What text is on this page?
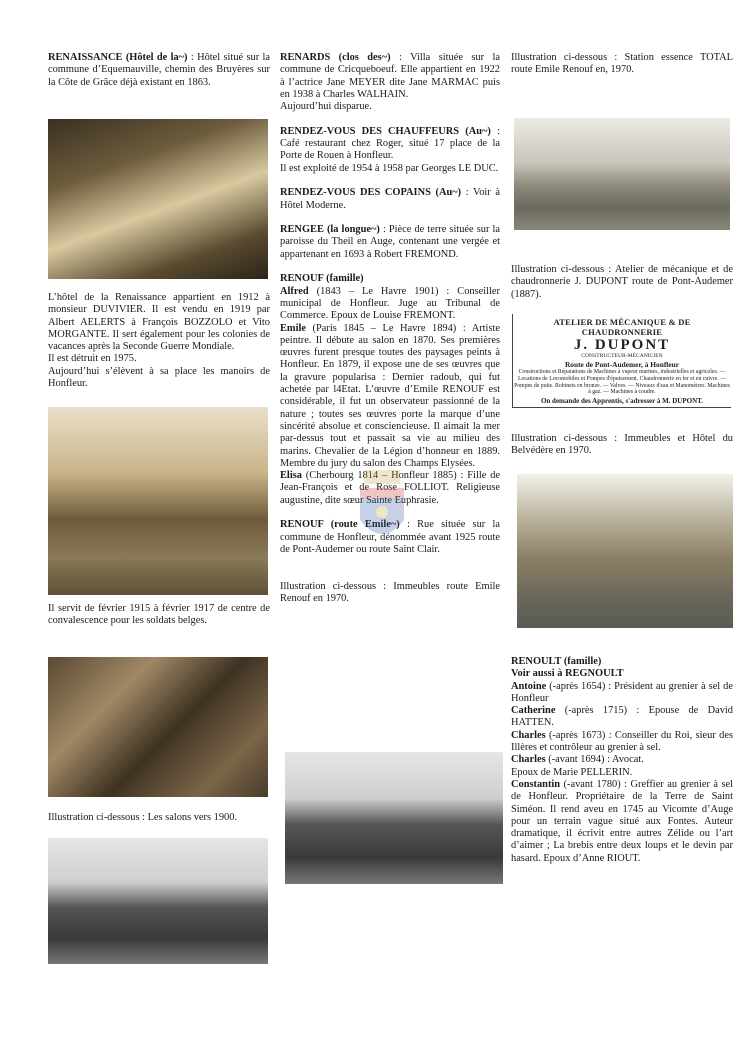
RENAISSANCE (Hôtel de la~) : Hôtel situé sur la commune d’Equemauville, chemin des Bruyères sur la Côte de Grâce déjà existant en 1863.

L’hôtel de la Renaissance appartient en 1912 à monsieur DUVIVIER. Il est vendu en 1919 par Albert AELERTS à François BOZZOLO et Vito MORGANTE. Il sert également pour les colonies de vacances après la Seconde Guerre Mondiale.

Il est détruit en 1975.

Aujourd’hui s’élèvent à sa place les manoirs de Honfleur.

Il servit de février 1915 à février 1917 de centre de convalescence pour les soldats belges.

Illustration ci-dessous : Les salons vers 1900.

RENARDS (clos des~) : Villa située sur la commune de Cricqueboeuf. Elle appartient en 1922 à l’actrice Jane MEYER dite Jane MARMAC puis en 1938 à Charles WALHAIN.

Aujourd’hui disparue.

RENDEZ-VOUS DES CHAUFFEURS (Au~) : Café restaurant chez Roger, situé 17 place de la Porte de Rouen à Honfleur.

Il est exploité de 1954 à 1958 par Georges LE DUC.

RENDEZ-VOUS DES COPAINS (Au~) : Voir à Hôtel Moderne.

RENGEE (la longue~) : Pièce de terre située sur la paroisse du Theil en Auge, contenant une vergée et appartenant en 1693 à Robert FREMOND.

RENOUF (famille)

Alfred (1843 – Le Havre 1901) : Conseiller municipal de Honfleur. Juge au Tribunal de Commerce. Epoux de Louise FREMONT.

Emile (Paris 1845 – Le Havre 1894) : Artiste peintre. Il débute au salon en 1870. Ses premières œuvres furent presque toutes des paysages peints à Honfleur. En 1879, il expose une de ses œuvres que la gravure popularisa : Dernier radoub, qui fut achetée par l4Etat. L’œuvre d’Emile RENOUF est considérable, il fut un observateur passionné de la nature ; toutes ses œuvres porte la marque d’une sincérité absolue et consciencieuse. Il aimait la mer par-dessus tout et passait sa vie au milieu des marins. Chevalier de la Légion d’honneur en 1889. Membre du jury du salon des Champs Elysées.

Elisa (Cherbourg 1814 – Honfleur 1885) : Fille de Jean-François et de Rose FOLLIOT. Religieuse augustine, dite sœur Sainte Euphrasie.

RENOUF (route Emile~) : Rue située sur la commune de Honfleur, dénommée avant 1925 route de Pont-Audemer ou route Saint Clair.

Illustration ci-dessous : Immeubles route Emile Renouf en 1970.

Illustration ci-dessous : Station essence TOTAL route Emile Renouf en, 1970.

Illustration ci-dessous : Atelier de mécanique et de chaudronnerie J. DUPONT route de Pont-Audemer (1887).

ATELIER DE MÉCANIQUE & DE CHAUDRONNERIE
J. DUPONT
CONSTRUCTEUR-MÉCANICIEN
Route de Pont-Audemer, à Honfleur
Constructions et Réparations de Machines à vapeur marines, industrielles et agricoles. — Locations de Locomobiles et Pompes d'épuisement. Chaudronnerie en fer et en cuivre. — Pompes de puits. Robinets en bronze. — Valves. — Niveaux d'eau et Manomètres. Machines à gaz. — Machines à coudre.
On demande des Apprentis, s'adresser à M. DUPONT.

Illustration ci-dessous : Immeubles et Hôtel du Belvédère en 1970.

RENOULT (famille)

Voir aussi à REGNOULT

Antoine (-après 1654) : Président au grenier à sel de Honfleur

Catherine (-après 1715) : Epouse de David HATTEN.

Charles (-après 1673) : Conseiller du Roi, sieur des Illères et contrôleur au grenier à sel.

Charles (-avant 1694) : Avocat.

Epoux de Marie PELLERIN.

Constantin (-avant 1780) : Greffier au grenier à sel de Honfleur. Propriétaire de la Terre de Saint Siméon. Il rend aveu en 1745 au Vicomte d’Auge pour un terrain vague situé aux Fontes. Auteur dramatique, il écrivit entre autres Zélide ou l’art d’aimer ; La brebis entre deux loups et le devin par hasard. Epoux d’Anne RIOUT.
